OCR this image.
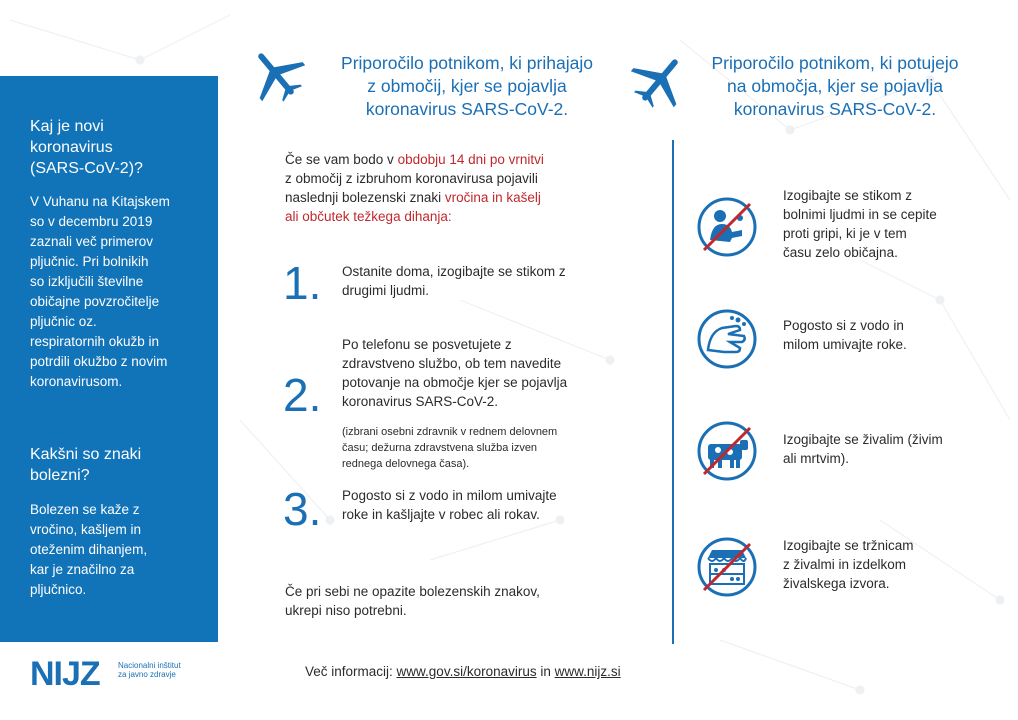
Kaj je novi
koronavirus
(SARS-CoV-2)?
V Vuhanu na Kitajskem
so v decembru 2019
zaznali več primerov
pljučnic. Pri bolnikih
so izključili številne
običajne povzročitelje
pljučnic oz.
respiratornih okužb in
potrdili okužbo z novim
koronavirusom.
Kakšni so znaki
bolezni?
Bolezen se kaže z
vročino, kašljem in
oteženim dihanjem,
kar je značilno za
pljučnico.
Priporočilo potnikom, ki prihajajo
z območij, kjer se pojavlja
koronavirus SARS-CoV-2.
Priporočilo potnikom, ki potujejo
na območja, kjer se pojavlja
koronavirus SARS-CoV-2.
Če se vam bodo v obdobju 14 dni po vrnitvi
z območij z izbruhom koronavirusa pojavili
naslednji bolezenski znaki vročina in kašelj
ali občutek težkega dihanja:
1. Ostanite doma, izogibajte se stikom z
drugimi ljudmi.
2.
Po telefonu se posvetujete z
zdravstveno službo, ob tem navedite
potovanje na območje kjer se pojavlja
koronavirus SARS-CoV-2.
(izbrani osebni zdravnik v rednem delovnem
času; dežurna zdravstvena služba izven
rednega delovnega časa).
3. Pogosto si z vodo in milom umivajte
roke in kašljajte v robec ali rokav.
Če pri sebi ne opazite bolezenskih znakov,
ukrepi niso potrebni.
Izogibajte se stikom z
bolnimi ljudmi in se cepite
proti gripi, ki je v tem
času zelo običajna.
Pogosto si z vodo in
milom umivajte roke.
Izogibajte se živalim (živim
ali mrtvim).
Izogibajte se tržnicam
z živalmi in izdelkom
živalskega izvora.
NIJZ Nacionalni inštitut
za javno zdravje	Več informacij: www.gov.si/koronavirus in www.nijz.si
